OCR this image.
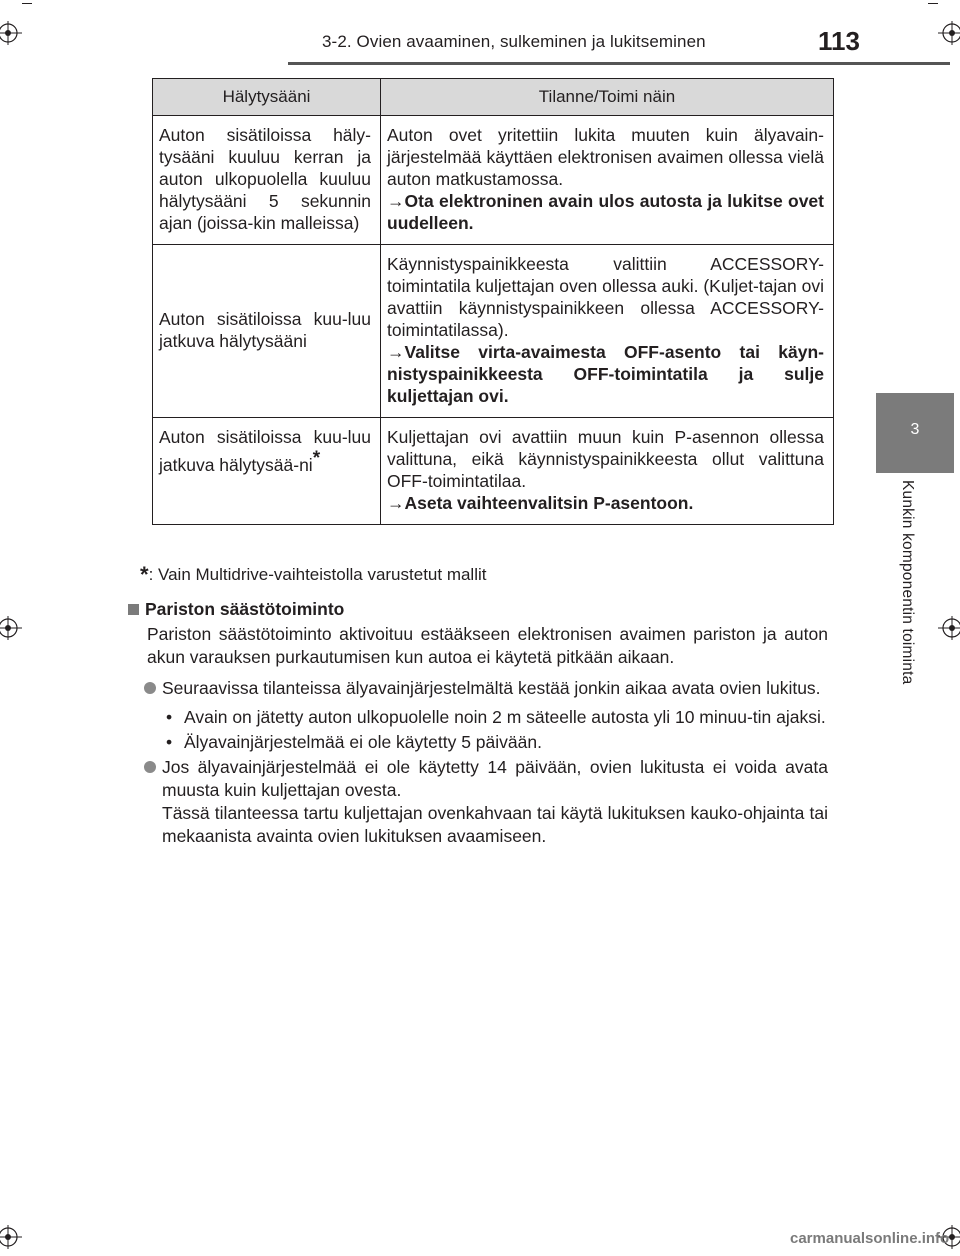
3-2. Ovien avaaminen, sulkeminen ja lukitseminen	113
3
Kunkin komponentin toiminta
Hälytysääni	Tilanne/Toimi näin
Auton sisätiloissa häly-tysääni kuuluu kerran ja auton ulkopuolella kuuluu hälytysääni 5 sekunnin ajan (joissa-kin malleissa)	Auton ovet yritettiin lukita muuten kuin älyavain-järjestelmää käyttäen elektronisen avaimen ollessa vielä auton matkustamossa.
→Ota elektroninen avain ulos autosta ja lukitse ovet uudelleen.

Auton sisätiloissa kuu-luu jatkuva hälytysääni	Käynnistyspainikkeesta valittiin ACCESSORY-toimintatila kuljettajan oven ollessa auki. (Kuljet-tajan ovi avattiin käynnistyspainikkeen ollessa ACCESSORY-toimintatilassa).
→Valitse virta-avaimesta OFF-asento tai käyn-nistyspainikkeesta OFF-toimintatila ja sulje kuljettajan ovi.

Auton sisätiloissa kuu-luu jatkuva hälytysää-ni*	Kuljettajan ovi avattiin muun kuin P-asennon ollessa valittuna, eikä käynnistyspainikkeesta ollut valittuna OFF-toimintatilaa.
→Aseta vaihteenvalitsin P-asentoon.
*: Vain Multidrive-vaihteistolla varustetut mallit
Pariston säästötoiminto
Pariston säästötoiminto aktivoituu estääkseen elektronisen avaimen pariston ja auton akun varauksen purkautumisen kun autoa ei käytetä pitkään aikaan.
Seuraavissa tilanteissa älyavainjärjestelmältä kestää jonkin aikaa avata ovien lukitus.
• Avain on jätetty auton ulkopuolelle noin 2 m säteelle autosta yli 10 minuu-tin ajaksi.
• Älyavainjärjestelmää ei ole käytetty 5 päivään.
Jos älyavainjärjestelmää ei ole käytetty 14 päivään, ovien lukitusta ei voida avata muusta kuin kuljettajan ovesta.
Tässä tilanteessa tartu kuljettajan ovenkahvaan tai käytä lukituksen kauko-ohjainta tai mekaanista avainta ovien lukituksen avaamiseen.
carmanualsonline.info
